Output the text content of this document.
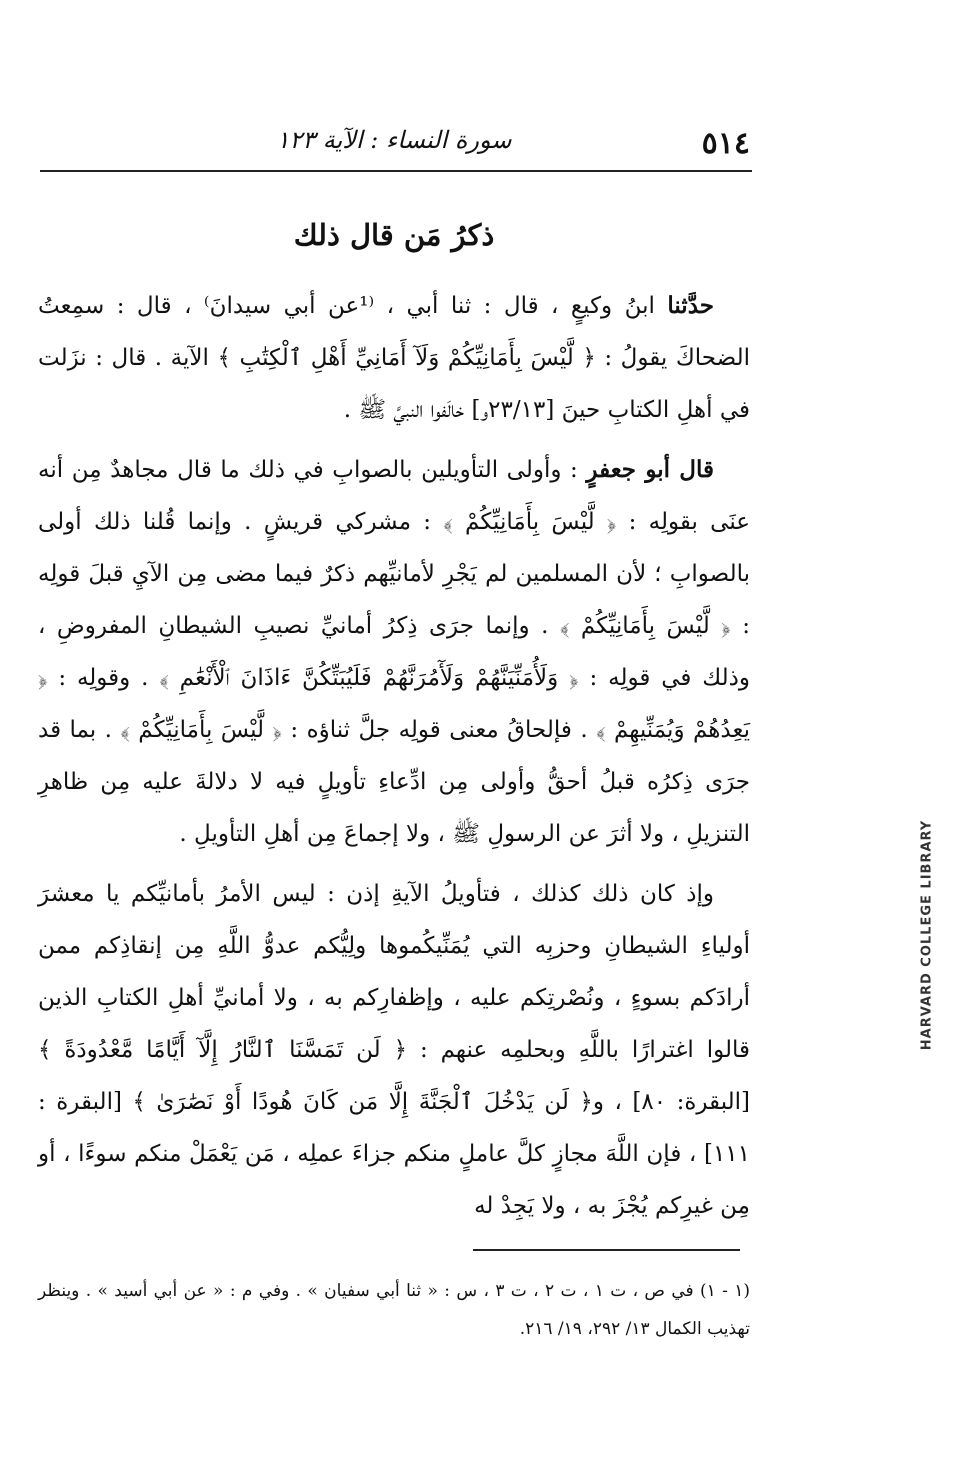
٥١٤
سورة النساء : الآية ١٢٣
ذكرُ مَن قال ذلك

حدَّثنا ابنُ وكيعٍ ، قال : ثنا أبي ، ⁽¹عن أبي سيدانَ⁾ ، قال : سمِعتُ الضحاكَ يقولُ : ﴿ لَّيْسَ بِأَمَانِيِّكُمْ وَلَآ أَمَانِيِّ أَهْلِ ٱلْكِتَٰبِ ﴾ الآية . قال : نزَلت في أهلِ الكتابِ حينَ [٢٣/١٣و] خالَفوا النبيَّ ﷺ .

قال أبو جعفرٍ : وأولى التأويلين بالصوابِ في ذلك ما قال مجاهدٌ مِن أنه عنَى بقولِه : ﴿ لَّيْسَ بِأَمَانِيِّكُمْ ﴾ : مشركي قريشٍ . وإنما قُلنا ذلك أولى بالصوابِ ؛ لأن المسلمين لم يَجْرِ لأمانيِّهم ذكرٌ فيما مضى مِن الآيِ قبلَ قولِه : ﴿ لَّيْسَ بِأَمَانِيِّكُمْ ﴾ . وإنما جرَى ذِكرُ أمانيِّ نصيبِ الشيطانِ المفروضِ ، وذلك في قولِه : ﴿ وَلَأُمَنِّيَنَّهُمْ وَلَأٓمُرَنَّهُمْ فَلَيُبَتِّكُنَّ ءَاذَانَ ٱلْأَنْعَٰمِ ﴾ . وقولِه : ﴿ يَعِدُهُمْ وَيُمَنِّيهِمْ ﴾ . فإلحاقُ معنى قولِه جلَّ ثناؤه : ﴿ لَّيْسَ بِأَمَانِيِّكُمْ ﴾ . بما قد جرَى ذِكرُه قبلُ أحقُّ وأولى مِن ادِّعاءِ تأويلٍ فيه لا دلالةَ عليه مِن ظاهرِ التنزيلِ ، ولا أثرَ عن الرسولِ ﷺ ، ولا إجماعَ مِن أهلِ التأويلِ .

وإذ كان ذلك كذلك ، فتأويلُ الآيةِ إذن : ليس الأمرُ بأمانيِّكم يا معشرَ أولياءِ الشيطانِ وحزبِه التي يُمَنِّيكُموها ولِيُّكم عدوُّ اللَّهِ مِن إنقاذِكم ممن أرادَكم بسوءٍ ، ونُصْرتِكم عليه ، وإظفارِكم به ، ولا أمانيِّ أهلِ الكتابِ الذين قالوا اغترارًا باللَّهِ وبحلمِه عنهم : ﴿ لَن تَمَسَّنَا ٱلنَّارُ إِلَّآ أَيَّامًا مَّعْدُودَةً ﴾ [البقرة: ٨٠] ، و﴿ لَن يَدْخُلَ ٱلْجَنَّةَ إِلَّا مَن كَانَ هُودًا أَوْ نَصَٰرَىٰ ﴾ [البقرة : ١١١] ، فإن اللَّهَ مجازٍ كلَّ عاملٍ منكم جزاءَ عملِه ، مَن يَعْمَلْ منكم سوءًا ، أو مِن غيرِكم يُجْزَ به ، ولا يَجِدْ له

(١ - ١) في ص ، ت ١ ، ت ٢ ، ت ٣ ، س : « ثنا أبي سفيان » . وفي م : « عن أبي أسيد » . وينظر تهذيب الكمال ١٣/ ٢٩٢، ١٩/ ٢١٦.
HARVARD COLLEGE LIBRARY
